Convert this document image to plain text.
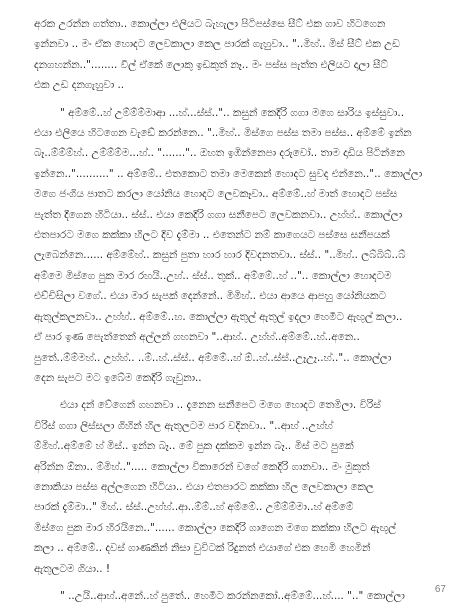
අරක උරන්න ගත්තා.. කොල්ලා එලියට බැහැලා පිටිපස්සෙ සීට් එක ගාව හිටගෙන
ඉන්නවා .. මං ඒක හොදට ලෙවකාලා කෙල පාරක් ගැහුවා.. "..මිහ්.. මිස් සීට් එක උඩ
දනගහන්න.."........ වීල් ඒකේ ලොකු ඉඩකුත් නෑ.. මං පස්ස පැත්ත එලියට දාලා සීට්
එක උඩ දනගැහුවා ..

" අම්මේ..හ් උම්ම්ම්මාආ ...හ්...ස්ස්..".. කසුන් කෙදිරි ගගා මගෙ සාරිය ඉස්සුවා..
එයා එලියෙ හිටගෙන වැඩේ කරන්නෙ.. "..මිහ්.. මිස්ගෙ පස්ස තමා පස්ස.. අම්මේ ඉන්න
බෑ..ම්ම්ම්හ්.. උම්ම්ම්ම...හ්.. ".......".. ඔහත ඉඹින්නෙපා දරුවෝ.. තාම දාඩිය පිටින්නෙ
ඉන්නෙ..".........." .. අම්මේ.. එතකොට තමා මෙකෙන් හොදට සුවද එන්නෙ..".. කොල්ලා
මගෙ ජංගිය පාතට කරලා යෝනිය හොදට ලෙවකෑවා.. අම්මේ..හ් මාත් හොදට පස්ස
පැත්ත දීගෙන හිටියා.. ස්ස්.. එයා කෙදිරි ගගා සනීපෙට ලෙවකනවා.. උහ්හ්.. කොල්ලා
එතපාරට මගෙ කක්කා හිලට දිව දැම්මා .. එතෙන්ට නම් කාගෙයට පස්සෙ සනීපයක්
ලැබෙන්නෙ...... අම්මේහ්.. කසුන් පුතා හාර හාර දිවදනතවා.. ස්ස්.. "..මිහ්.. ලබ්බිබ්..බ්
අම්මෙ මිස්ගෙ පුක මාර රහයි..උහ්.. ස්ස්.. තුක්.. අම්මේ..හ් ..".. කොල්ලා හොදටම
එච්චිසිලා වගේ.. එයා මාර සැපක් දෙන්නේ.. මිමිහ්.. එයා ආයෙ ආපහු යෝනියකට
ඇතුල්කලනවා.. උහ්හ්.. අම්මේ..හ. කොල්ලා ඇතුල් ඇතුල් ඉදලා හෙමීට ඇඟුල් කලා..
ඒ පාර ඉණ පෙැත්තෙන් අල්ලන් ගහනවා "..ආහ්.. උහ්හ්..අම්මේ..හ්..අනෙ..
පුතේ..ම්ම්මහ්.. උහ්හ්.. ..ම්..හ්..ස්ස්.. අම්මේ..හ් ඕ..හ්..ස්ස්..උෑඋෑ..හ්..".. කොල්ලා
දෙන සැපට මට ඉබේම කෙදිරි ගැවුනා..

එයා දන් වේගෙන් ගහනවා .. දැනෙන සනීපෙට මගෙ හොදට තෙමිලා. විරිස්
විරිස් ගගා ලිස්සලා ගිහින් හිල ඇතුලටම පාර වදිනවා.. "..ආහ් ..උහ්හ්
ම්මිහ්..අම්මේ හ් මිස්.. ඉන්න බෑ.. මේ පුක දක්කම ඉන්න බෑ.. මිස් මට පුකේ
අරින්න ඕනා.. ම්මිහ්.."..... කොල්ලා විකාරෙන් වගේ කෙදිරි ගානවා.. මං මුකුත්
නොකියා පස්ස අල්ලගෙන හිටියා.. එයා එතපාරට කක්කා හිල ලෙවකාලා කෙල
පාරක් දැම්මා.." මිහ්.. ස්ස්..උහ්හ්..ආ..ම්ම්..හ් අම්මේ.. උම්ම්ම්මා..හ් අම්මේ
මිස්ගෙ පුක මාර හිරයිනෙ.."...... කොල්ලා කෙදිරි ගාගෙන මගෙ කක්කා හිලට ඇඟුල්
කලා .. අම්මේ.. දවස් ගාණකින් නිසා වුවිටක් රිදුනත් එයාගේ එක හෙමි හෙමින්
ඇතුලටම ගියා.. !

" ..උයි..ආහ්..අනේ..හ් පුතේ.. හෙමීට කරන්නකෝ..අම්මේ...හ්.... ".." කොල්ලා

67
